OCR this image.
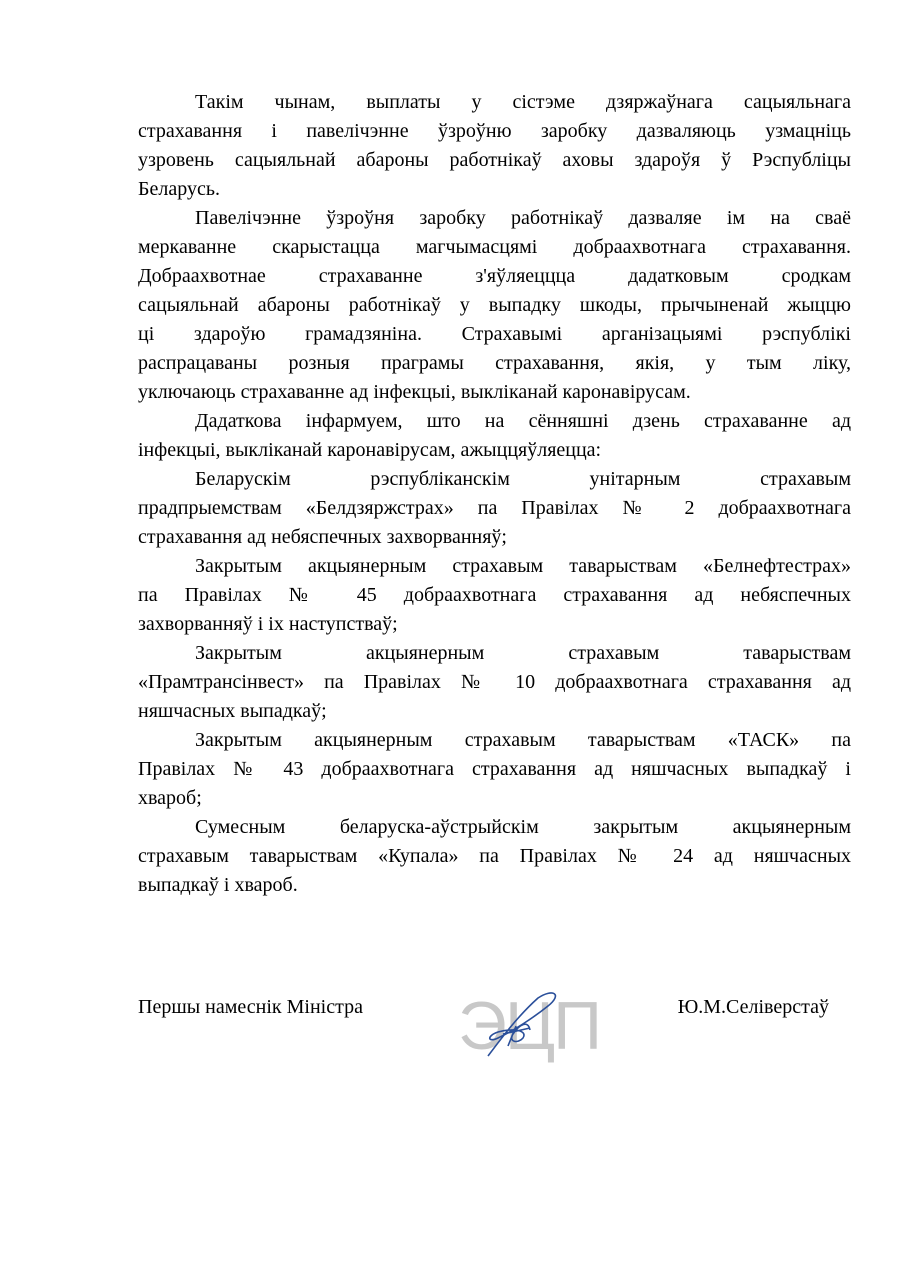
Такім чынам, выплаты у сістэме дзяржаўнага сацыяльнага
страхавання і павелічэнне ўзроўню заробку дазваляюць узмацніць
узровень сацыяльнай абароны работнікаў аховы здароўя ў Рэспубліцы
Беларусь.
Павелічэнне ўзроўня заробку работнікаў дазваляе ім на сваё
меркаванне скарыстацца магчымасцямі добраахвотнага страхавання.
Добраахвотнае страхаванне з'яўляеццца дадатковым сродкам
сацыяльнай абароны работнікаў у выпадку шкоды, прычыненай жыццю
ці здароўю грамадзяніна. Страхавымі арганізацыямі рэспублікі
распрацаваны розныя праграмы страхавання, якія, у тым ліку,
уключаюць страхаванне ад інфекцыі, выкліканай каронавірусам.
Дадаткова інфармуем, што на сённяшні дзень страхаванне ад
інфекцыі, выкліканай каронавірусам, ажыццяўляецца:
Беларускім рэспубліканскім унітарным страхавым
прадпрыемствам «Белдзяржстрах» па Правілах № 2 добраахвотнага
страхавання ад небяспечных захворванняў;
Закрытым акцыянерным страхавым таварыствам «Белнефтестрах»
па Правілах № 45 добраахвотнага страхавання ад небяспечных
захворванняў і іх наступстваў;
Закрытым акцыянерным страхавым таварыствам
«Прамтрансінвест» па Правілах № 10 добраахвотнага страхавання ад
няшчасных выпадкаў;
Закрытым акцыянерным страхавым таварыствам «ТАСК» па
Правілах № 43 добраахвотнага страхавання ад няшчасных выпадкаў і
хвароб;
Сумесным беларуска-аўстрыйскім закрытым акцыянерным
страхавым таварыствам «Купала» па Правілах № 24 ад няшчасных
выпадкаў і хвароб.
Першы намеснік Міністра ЭЦП	Ю.М.Селіверстаў
